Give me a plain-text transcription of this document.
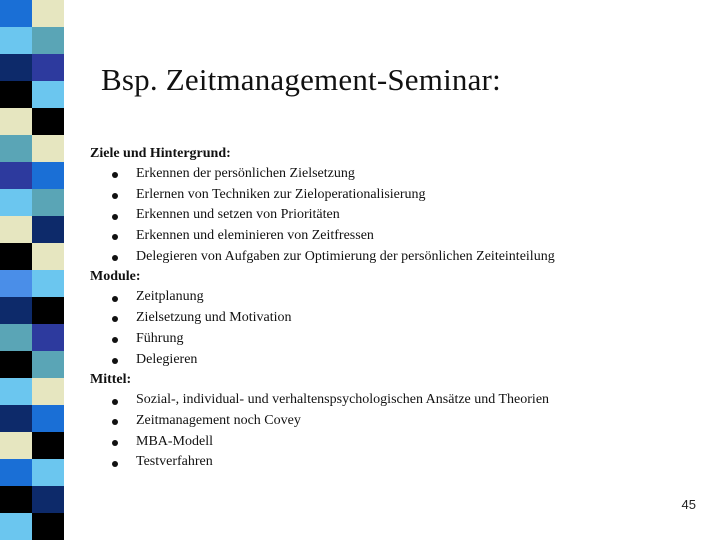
Bsp. Zeitmanagement-Seminar:
Ziele und Hintergrund:
Erkennen der persönlichen Zielsetzung
Erlernen von Techniken zur Zieloperationalisierung
Erkennen und setzen von Prioritäten
Erkennen und eleminieren von Zeitfressen
Delegieren von Aufgaben zur Optimierung der persönlichen Zeiteinteilung
Module:
Zeitplanung
Zielsetzung und Motivation
Führung
Delegieren
Mittel:
Sozial-, individual- und verhaltenspsychologischen Ansätze und Theorien
Zeitmanagement noch Covey
MBA-Modell
Testverfahren
45
